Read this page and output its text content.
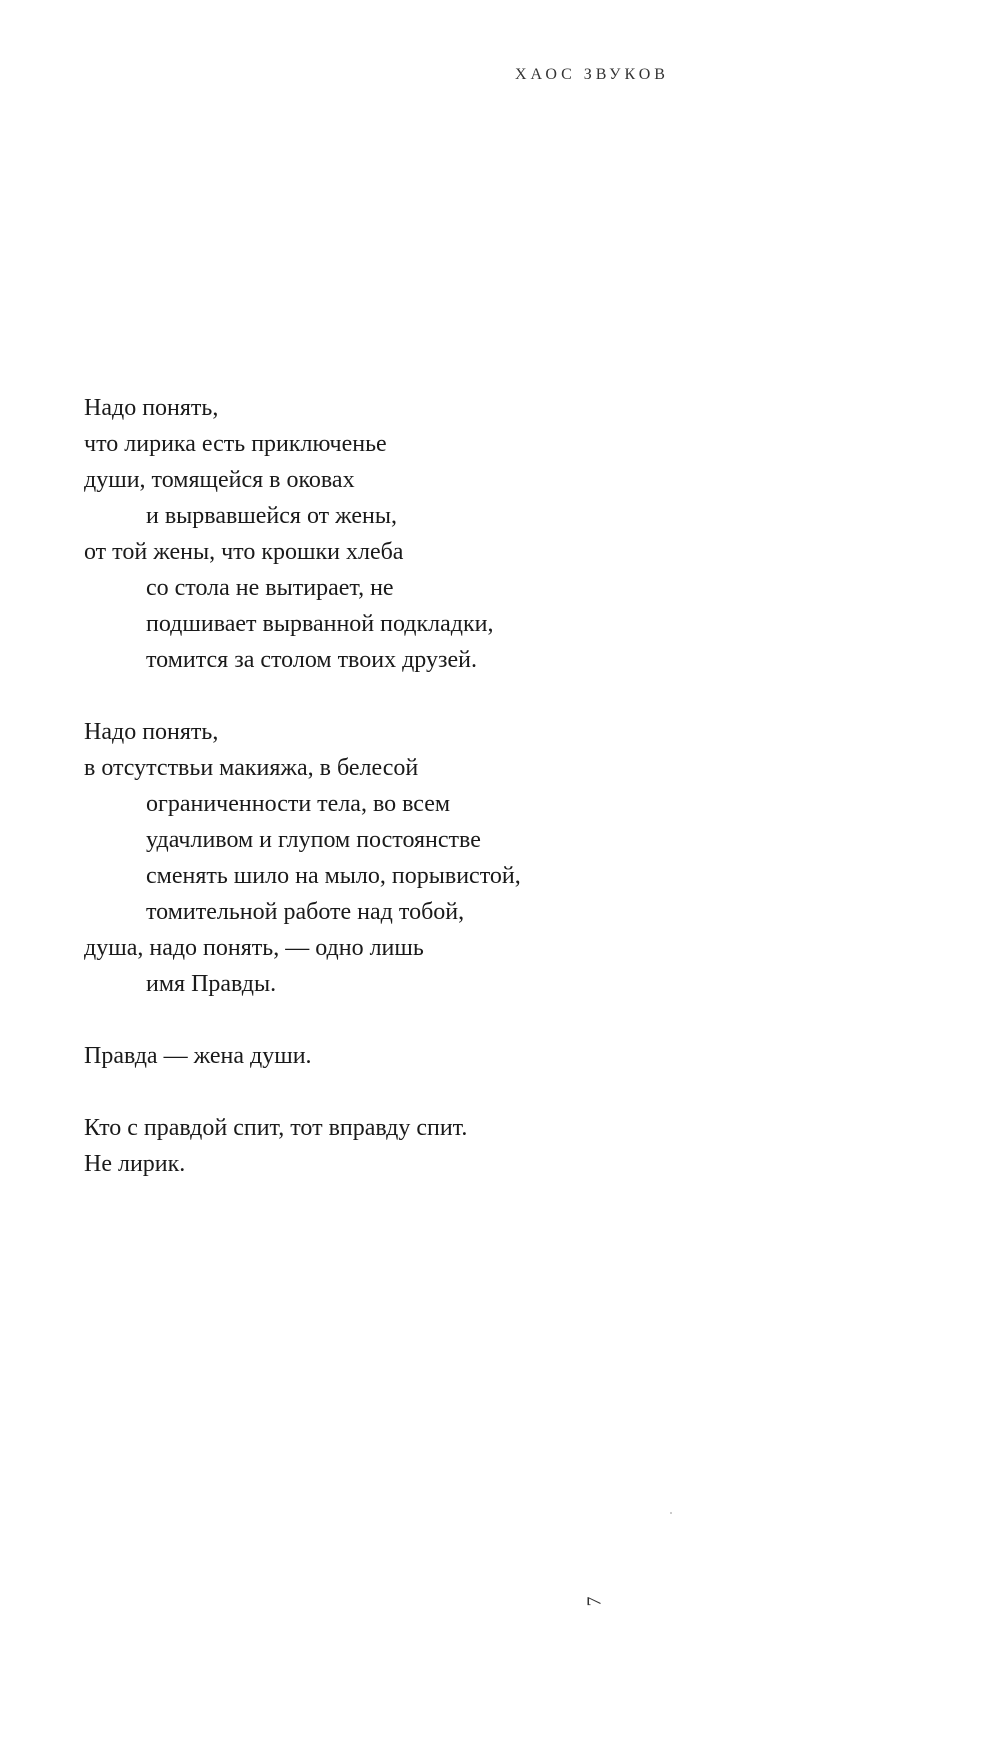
ХАОС ЗВУКОВ
Надо понять,
что лирика есть приключенье
души, томящейся в оковах
и вырвавшейся от жены,
от той жены, что крошки хлеба
со стола не вытирает, не
подшивает вырванной подкладки,
томится за столом твоих друзей.
Надо понять,
в отсутствьи макияжа, в белесой
ограниченности тела, во всем
удачливом и глупом постоянстве
сменять шило на мыло, порывистой,
томительной работе над тобой,
душа, надо понять, — одно лишь
имя Правды.
Правда — жена души.
Кто с правдой спит, тот вправду спит.
Не лирик.
7
